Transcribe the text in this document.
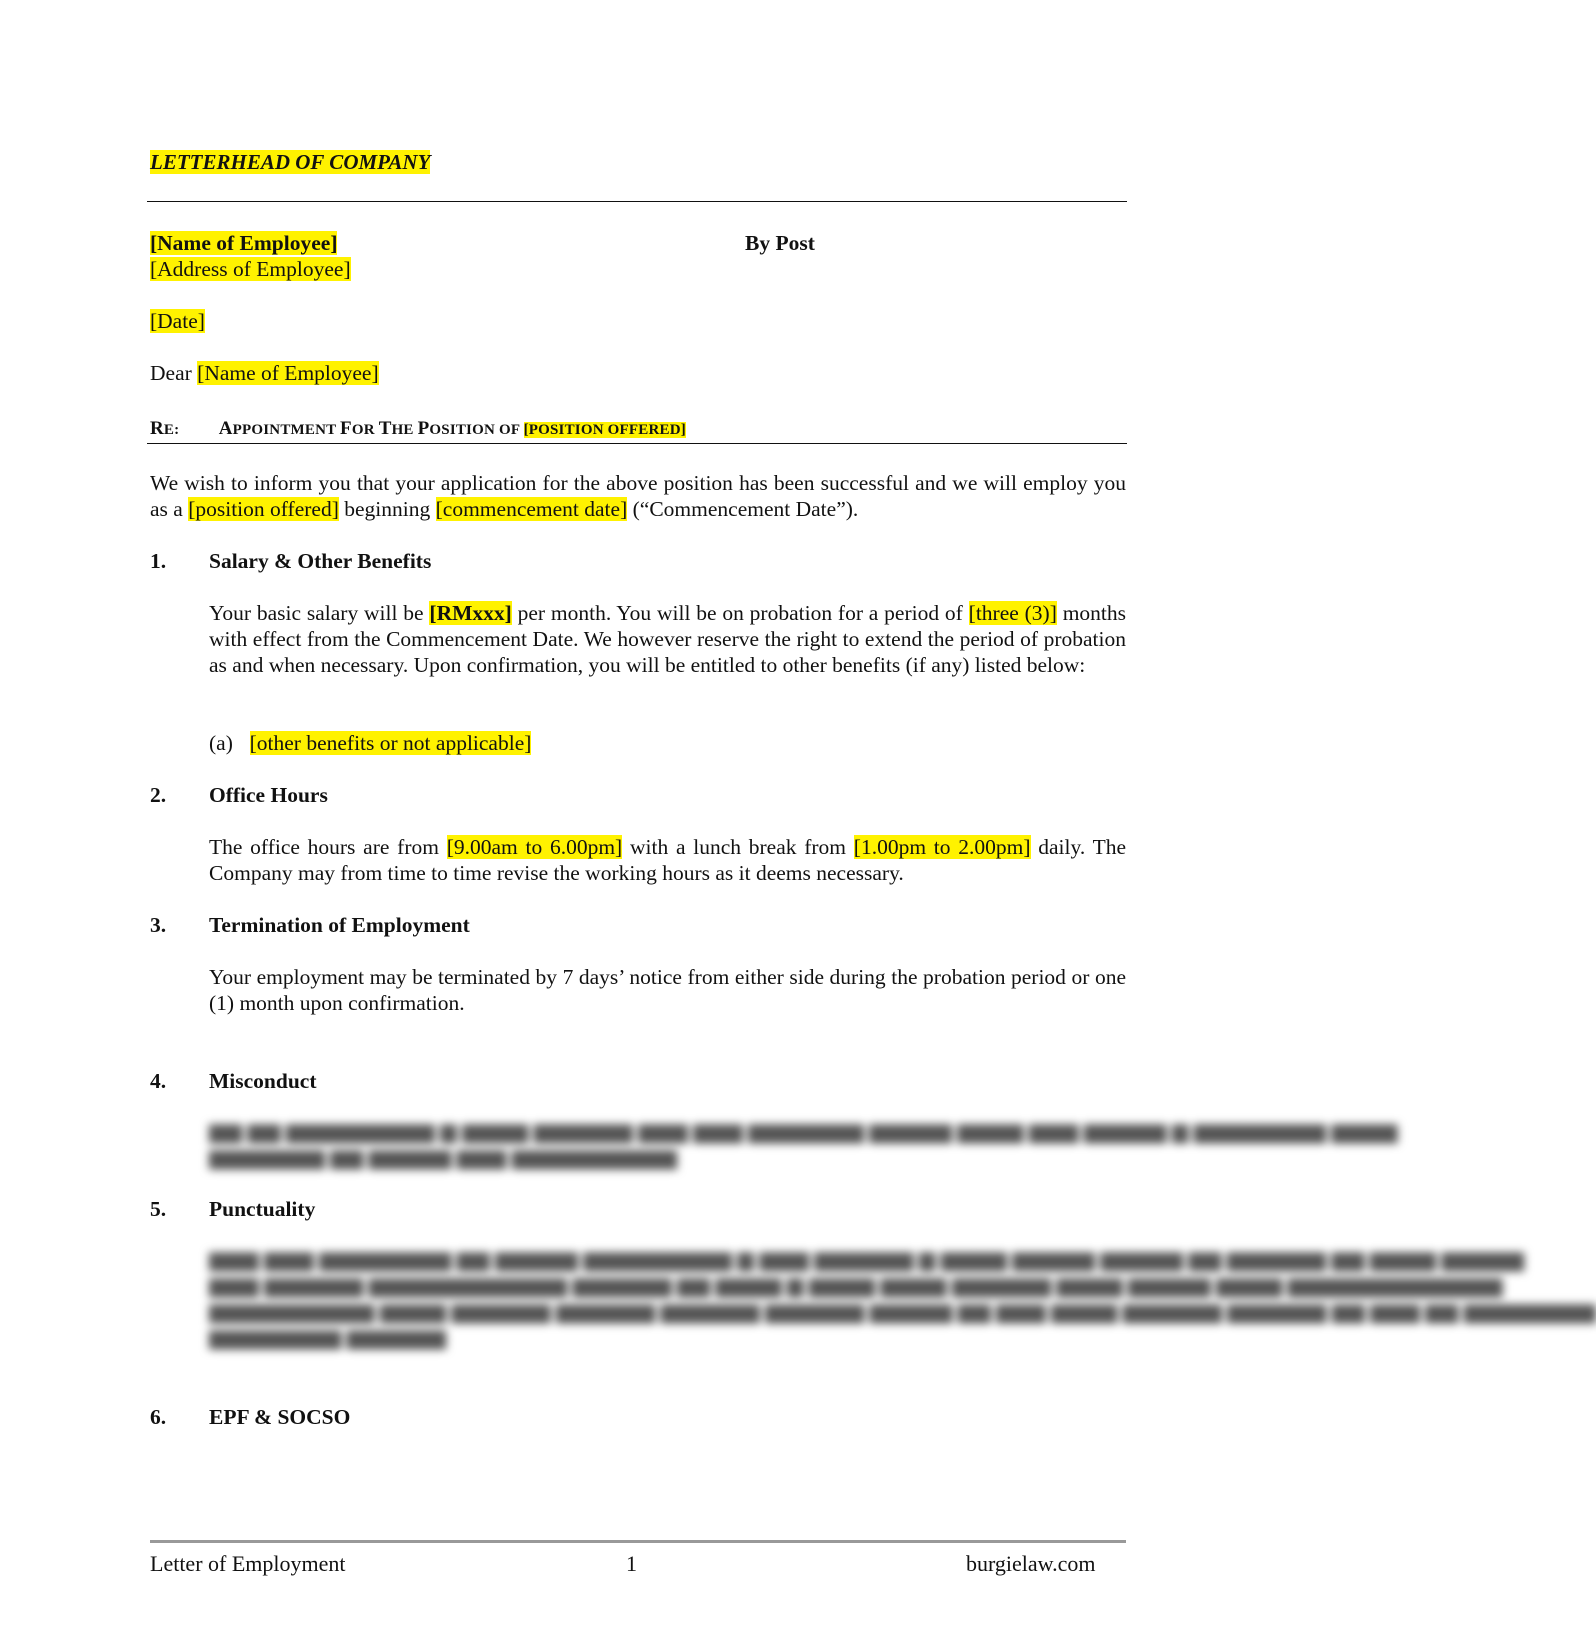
LETTERHEAD OF COMPANY
[Name of Employee]	By Post
[Address of Employee]
[Date]
Dear [Name of Employee]
RE: APPOINTMENT FOR THE POSITION OF [POSITION OFFERED]
We wish to inform you that your application for the above position has been successful and we will employ you as a [position offered] beginning [commencement date] (“Commencement Date”).
1. Salary & Other Benefits
Your basic salary will be [RMxxx] per month. You will be on probation for a period of [three (3)] months with effect from the Commencement Date. We however reserve the right to extend the period of probation as and when necessary. Upon confirmation, you will be entitled to other benefits (if any) listed below:
(a) [other benefits or not applicable]
2. Office Hours
The office hours are from [9.00am to 6.00pm] with a lunch break from [1.00pm to 2.00pm] daily. The Company may from time to time revise the working hours as it deems necessary.
3. Termination of Employment
Your employment may be terminated by 7 days’ notice from either side during the probation period or one (1) month upon confirmation.
4. Misconduct
▆▆ ▆▆ ▆▆▆▆▆▆▆▆▆ ▆ ▆▆▆▆ ▆▆▆▆▆▆ ▆▆▆ ▆▆▆ ▆▆▆▆▆▆▆ ▆▆▆▆▆ ▆▆▆▆ ▆▆▆ ▆▆▆▆▆ ▆ ▆▆▆▆▆▆▆▆ ▆▆▆▆
▆▆▆▆▆▆▆ ▆▆ ▆▆▆▆▆ ▆▆▆ ▆▆▆▆▆▆▆▆▆▆
5. Punctuality
▆▆▆ ▆▆▆ ▆▆▆▆▆▆▆▆ ▆▆ ▆▆▆▆▆ ▆▆▆▆▆▆▆▆▆ ▆ ▆▆▆ ▆▆▆▆▆▆ ▆ ▆▆▆▆ ▆▆▆▆▆ ▆▆▆▆▆ ▆▆ ▆▆▆▆▆▆ ▆▆ ▆▆▆▆ ▆▆▆▆▆
▆▆▆ ▆▆▆▆▆▆ ▆▆▆▆▆▆▆▆▆▆▆▆ ▆▆▆▆▆▆ ▆▆ ▆▆▆▆ ▆ ▆▆▆▆ ▆▆▆▆ ▆▆▆▆▆▆ ▆▆▆▆ ▆▆▆▆▆ ▆▆▆▆ ▆▆▆▆▆▆▆▆▆▆▆▆▆
▆▆▆▆▆▆▆▆▆▆ ▆▆▆▆ ▆▆▆▆▆▆ ▆▆▆▆▆▆ ▆▆▆▆▆▆ ▆▆▆▆▆▆ ▆▆▆▆▆ ▆▆ ▆▆▆ ▆▆▆▆ ▆▆▆▆▆▆ ▆▆▆▆▆▆ ▆▆ ▆▆▆ ▆▆ ▆▆▆▆▆▆▆▆
▆▆▆▆▆▆▆▆ ▆▆▆▆▆▆
6. EPF & SOCSO
Letter of Employment	1	burgielaw.com
